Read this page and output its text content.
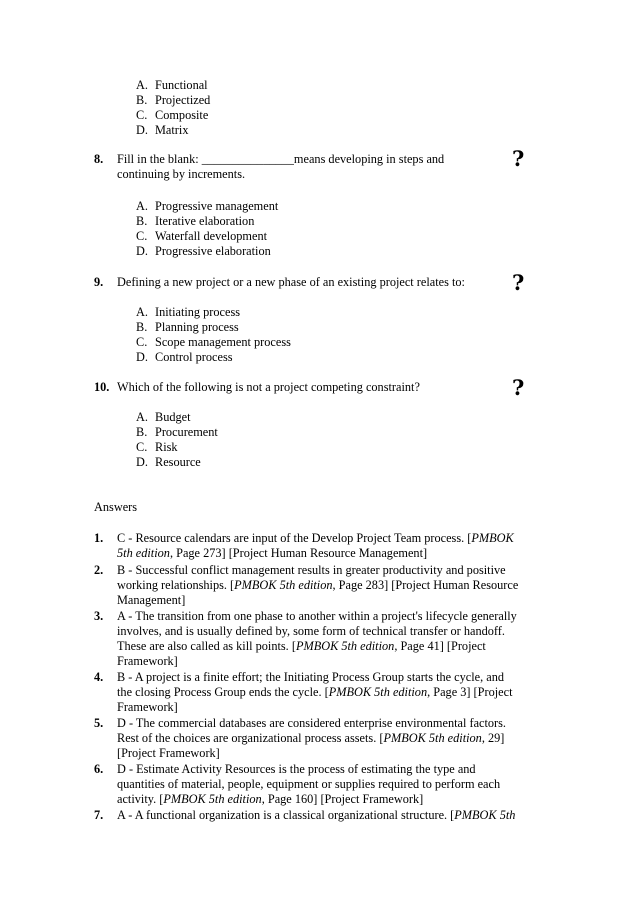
A. Functional
B. Projectized
C. Composite
D. Matrix
8. Fill in the blank: _______________means developing in steps and
continuing by increments.
?
A. Progressive management
B. Iterative elaboration
C. Waterfall development
D. Progressive elaboration
9. Defining a new project or a new phase of an existing project relates to: ?
A. Initiating process
B. Planning process
C. Scope management process
D. Control process
10. Which of the following is not a project competing constraint?	?
A. Budget
B. Procurement
C. Risk
D. Resource
Answers
1. C - Resource calendars are input of the Develop Project Team process. [PMBOK
5th edition, Page 273] [Project Human Resource Management]
2. B - Successful conflict management results in greater productivity and positive
working relationships. [PMBOK 5th edition, Page 283] [Project Human Resource
Management]
3. A - The transition from one phase to another within a project's lifecycle generally
involves, and is usually defined by, some form of technical transfer or handoff.
These are also called as kill points. [PMBOK 5th edition, Page 41] [Project
Framework]
4. B - A project is a finite effort; the Initiating Process Group starts the cycle, and
the closing Process Group ends the cycle. [PMBOK 5th edition, Page 3] [Project
Framework]
5. D - The commercial databases are considered enterprise environmental factors.
Rest of the choices are organizational process assets. [PMBOK 5th edition, 29]
[Project Framework]
6. D - Estimate Activity Resources is the process of estimating the type and
quantities of material, people, equipment or supplies required to perform each
activity. [PMBOK 5th edition, Page 160] [Project Framework]
7. A - A functional organization is a classical organizational structure. [PMBOK 5th
